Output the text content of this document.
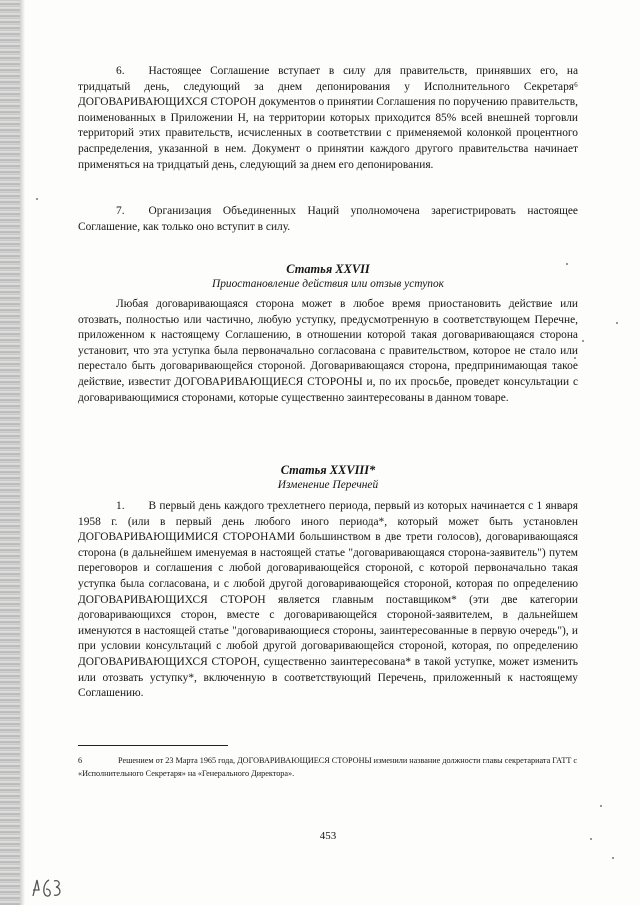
6. Настоящее Соглашение вступает в силу для правительств, принявших его, на тридцатый день, следующий за днем депонирования у Исполнительного Секретаря⁶ ДОГОВАРИВАЮЩИХСЯ СТОРОН документов о принятии Соглашения по поручению правительств, поименованных в Приложении Н, на территории которых приходится 85% всей внешней торговли территорий этих правительств, исчисленных в соответствии с применяемой колонкой процентного распределения, указанной в нем. Документ о принятии каждого другого правительства начинает применяться на тридцатый день, следующий за днем его депонирования.
7. Организация Объединенных Наций уполномочена зарегистрировать настоящее Соглашение, как только оно вступит в силу.
Статья XXVII
Приостановление действия или отзыв уступок
Любая договаривающаяся сторона может в любое время приостановить действие или отозвать, полностью или частично, любую уступку, предусмотренную в соответствующем Перечне, приложенном к настоящему Соглашению, в отношении которой такая договаривающаяся сторона установит, что эта уступка была первоначально согласована с правительством, которое не стало или перестало быть договаривающейся стороной. Договаривающаяся сторона, предпринимающая такое действие, известит ДОГОВАРИВАЮЩИЕСЯ СТОРОНЫ и, по их просьбе, проведет консультации с договаривающимися сторонами, которые существенно заинтересованы в данном товаре.
Статья XXVIII*
Изменение Перечней
1. В первый день каждого трехлетнего периода, первый из которых начинается с 1 января 1958 г. (или в первый день любого иного периода*, который может быть установлен ДОГОВАРИВАЮЩИМИСЯ СТОРОНАМИ большинством в две трети голосов), договаривающаяся сторона (в дальнейшем именуемая в настоящей статье "договаривающаяся сторона-заявитель") путем переговоров и соглашения с любой договаривающейся стороной, с которой первоначально такая уступка была согласована, и с любой другой договаривающейся стороной, которая по определению ДОГОВАРИВАЮЩИХСЯ СТОРОН является главным поставщиком* (эти две категории договаривающихся сторон, вместе с договаривающейся стороной-заявителем, в дальнейшем именуются в настоящей статье "договаривающиеся стороны, заинтересованные в первую очередь"), и при условии консультаций с любой другой договаривающейся стороной, которая, по определению ДОГОВАРИВАЮЩИХСЯ СТОРОН, существенно заинтересована* в такой уступке, может изменить или отозвать уступку*, включенную в соответствующий Перечень, приложенный к настоящему Соглашению.
6	Решением от 23 Марта 1965 года, ДОГОВАРИВАЮЩИЕСЯ СТОРОНЫ изменили название должности главы секретариата ГАТТ с «Исполнительного Секретаря» на «Генерального Директора».
453
